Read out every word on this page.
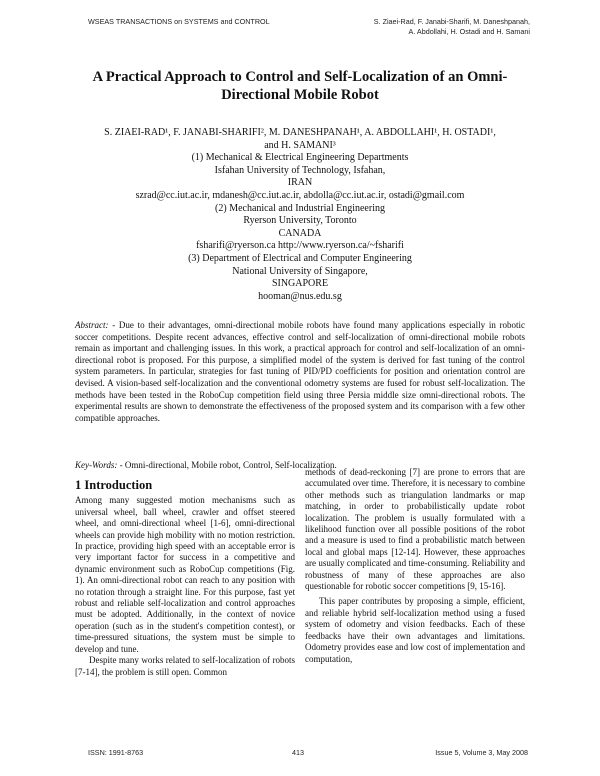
WSEAS TRANSACTIONS on SYSTEMS and CONTROL	S. Ziaei-Rad, F. Janabi-Sharifi, M. Daneshpanah,
A. Abdollahi, H. Ostadi and H. Samani
A Practical Approach to Control and Self-Localization of an Omni-
Directional Mobile Robot
S. ZIAEI-RAD¹, F. JANABI-SHARIFI², M. DANESHPANAH¹, A. ABDOLLAHI¹, H. OSTADI¹,
and H. SAMANI³
(1) Mechanical & Electrical Engineering Departments
Isfahan University of Technology, Isfahan,
IRAN
szrad@cc.iut.ac.ir, mdanesh@cc.iut.ac.ir, abdolla@cc.iut.ac.ir, ostadi@gmail.com
(2) Mechanical and Industrial Engineering
Ryerson University, Toronto
CANADA
fsharifi@ryerson.ca http://www.ryerson.ca/~fsharifi
(3) Department of Electrical and Computer Engineering
National University of Singapore,
SINGAPORE
hooman@nus.edu.sg
Abstract: - Due to their advantages, omni-directional mobile robots have found many applications especially in robotic soccer competitions. Despite recent advances, effective control and self-localization of omni-directional mobile robots remain as important and challenging issues. In this work, a practical approach for control and self-localization of an omni-directional robot is proposed. For this purpose, a simplified model of the system is derived for fast tuning of the control system parameters. In particular, strategies for fast tuning of PID/PD coefficients for position and orientation control are devised. A vision-based self-localization and the conventional odometry systems are fused for robust self-localization. The methods have been tested in the RoboCup competition field using three Persia middle size omni-directional robots. The experimental results are shown to demonstrate the effectiveness of the proposed system and its comparison with a few other compatible approaches.
Key-Words: - Omni-directional, Mobile robot, Control, Self-localization.
1 Introduction

Among many suggested motion mechanisms such as universal wheel, ball wheel, crawler and offset steered wheel, and omni-directional wheel [1-6], omni-directional wheels can provide high mobility with no motion restriction. In practice, providing high speed with an acceptable error is very important factor for success in a competitive and dynamic environment such as RoboCup competitions (Fig. 1). An omni-directional robot can reach to any position with no rotation through a straight line. For this purpose, fast yet robust and reliable self-localization and control approaches must be adopted. Additionally, in the context of novice operation (such as in the student's competition contest), or time-pressured situations, the system must be simple to develop and tune.

Despite many works related to self-localization of robots [7-14], the problem is still open. Common

methods of dead-reckoning [7] are prone to errors that are accumulated over time. Therefore, it is necessary to combine other methods such as triangulation landmarks or map matching, in order to probabilistically update robot localization. The problem is usually formulated with a likelihood function over all possible positions of the robot and a measure is used to find a probabilistic match between local and global maps [12-14]. However, these approaches are usually complicated and time-consuming. Reliability and robustness of many of these approaches are also questionable for robotic soccer competitions [9, 15-16].

This paper contributes by proposing a simple, efficient, and reliable hybrid self-localization method using a fused system of odometry and vision feedbacks. Each of these feedbacks have their own advantages and limitations. Odometry provides ease and low cost of implementation and computation,

ISSN: 1991-8763	413	Issue 5, Volume 3, May 2008
